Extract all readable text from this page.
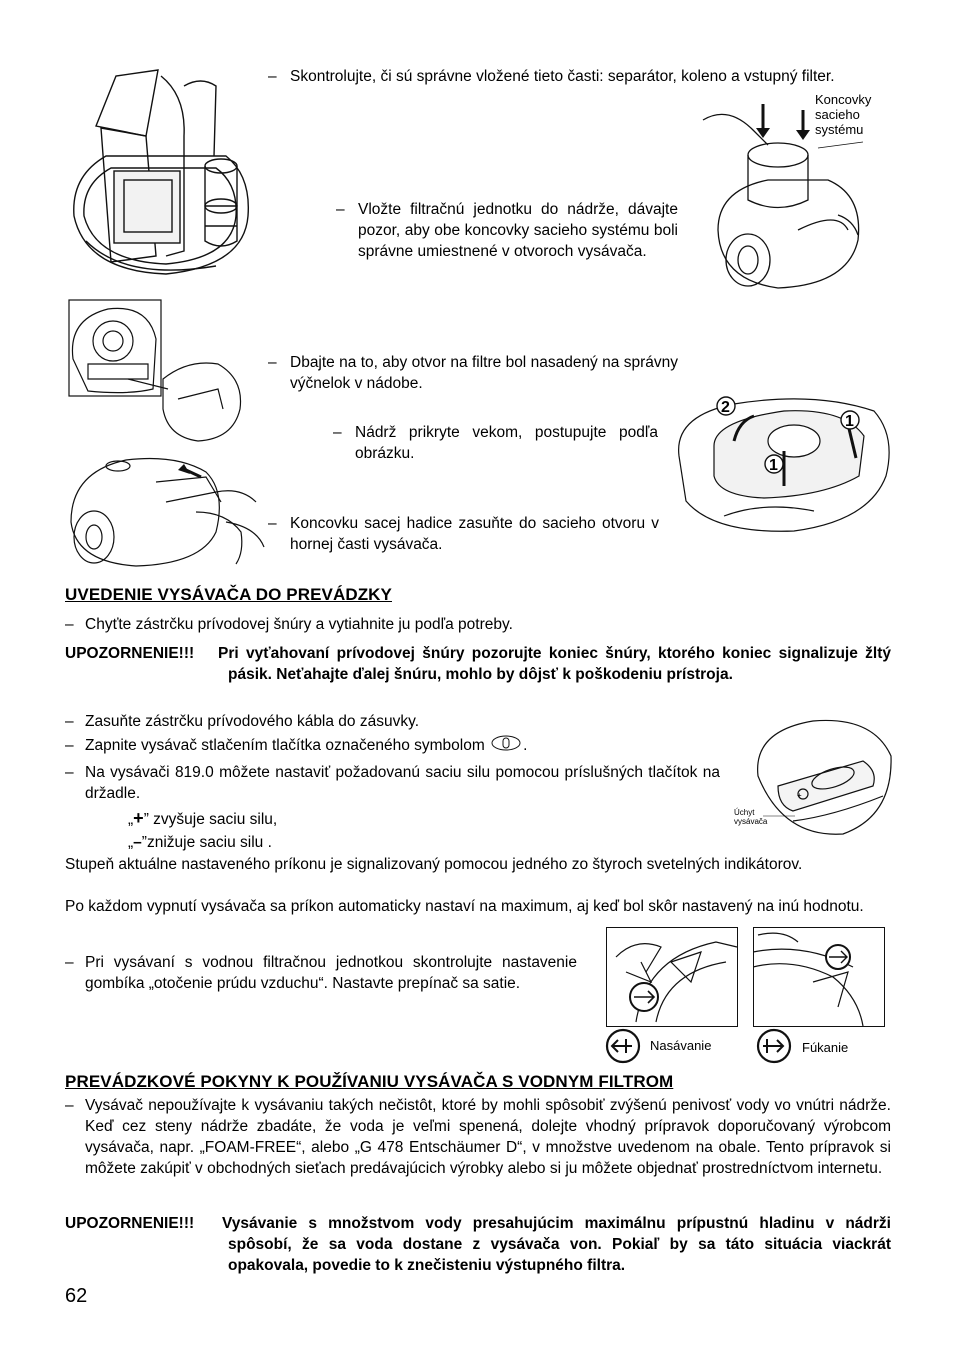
– Skontrolujte, či sú správne vložené tieto časti: separátor, koleno a vstupný filter.
Koncovky sacieho systému
– Vložte filtračnú jednotku do nádrže, dávajte pozor, aby obe koncovky sacieho systému boli správne umiestnené v otvoroch vysávača.
– Dbajte na to, aby otvor na filtre bol nasadený na správny výčnelok v nádobe.
2
1
1
– Nádrž prikryte vekom, postupujte podľa obrázku.
– Koncovku sacej hadice zasuňte do sacieho otvoru v hornej časti vysávača.
UVEDENIE VYSÁVAČA DO PREVÁDZKY
– Chyťte zástrčku prívodovej šnúry a vytiahnite ju podľa potreby.
UPOZORNENIE!!!	Pri vyťahovaní prívodovej šnúry pozorujte koniec šnúry, ktorého koniec signalizuje žltý pásik. Neťahajte ďalej šnúru, mohlo by dôjsť k poškodeniu prístroja.
– Zasuňte zástrčku prívodového kábla do zásuvky.
– Zapnite vysávač stlačením tlačítka označeného symbolom .
– Na vysávači 819.0 môžete nastaviť požadovanú saciu silu pomocou príslušných tlačítok na držadle.	+
Úchyt vysávača
„+” zvyšuje saciu silu,
„–”znižuje saciu silu .
Stupeň aktuálne nastaveného príkonu je signalizovaný pomocou jedného zo štyroch svetelných indikátorov.
Po každom vypnutí vysávača sa príkon automaticky nastaví na maximum, aj keď bol skôr nastavený na inú hodnotu.
– Pri vysávaní s vodnou filtračnou jednotkou skontrolujte nastavenie gombíka „otočenie prúdu vzduchu“. Nastavte prepínač sa satie.
Nasávanie	Fúkanie
PREVÁDZKOVÉ POKYNY K POUŽÍVANIU VYSÁVAČA S VODNYM FILTROM
– Vysávač nepoužívajte k vysávaniu takých nečistôt, ktoré by mohli spôsobiť zvýšenú penivosť vody vo vnútri nádrže. Keď cez steny nádrže zbadáte, že voda je veľmi spenená, dolejte vhodný prípravok doporučovaný výrobcom vysávača, napr. „FOAM-FREE“, alebo „G 478 Entschäumer D“, v množstve uvedenom na obale. Tento prípravok si môžete zakúpiť v obchodných sieťach predávajúcich výrobky alebo si ju môžete objednať prostredníctvom internetu.
UPOZORNENIE!!!	Vysávanie s množstvom vody presahujúcim maximálnu prípustnú hladinu v nádrži spôsobí, že sa voda dostane z vysávača von. Pokiaľ by sa táto situácia viackrát opakovala, povedie to k znečisteniu výstupného filtra.
62
